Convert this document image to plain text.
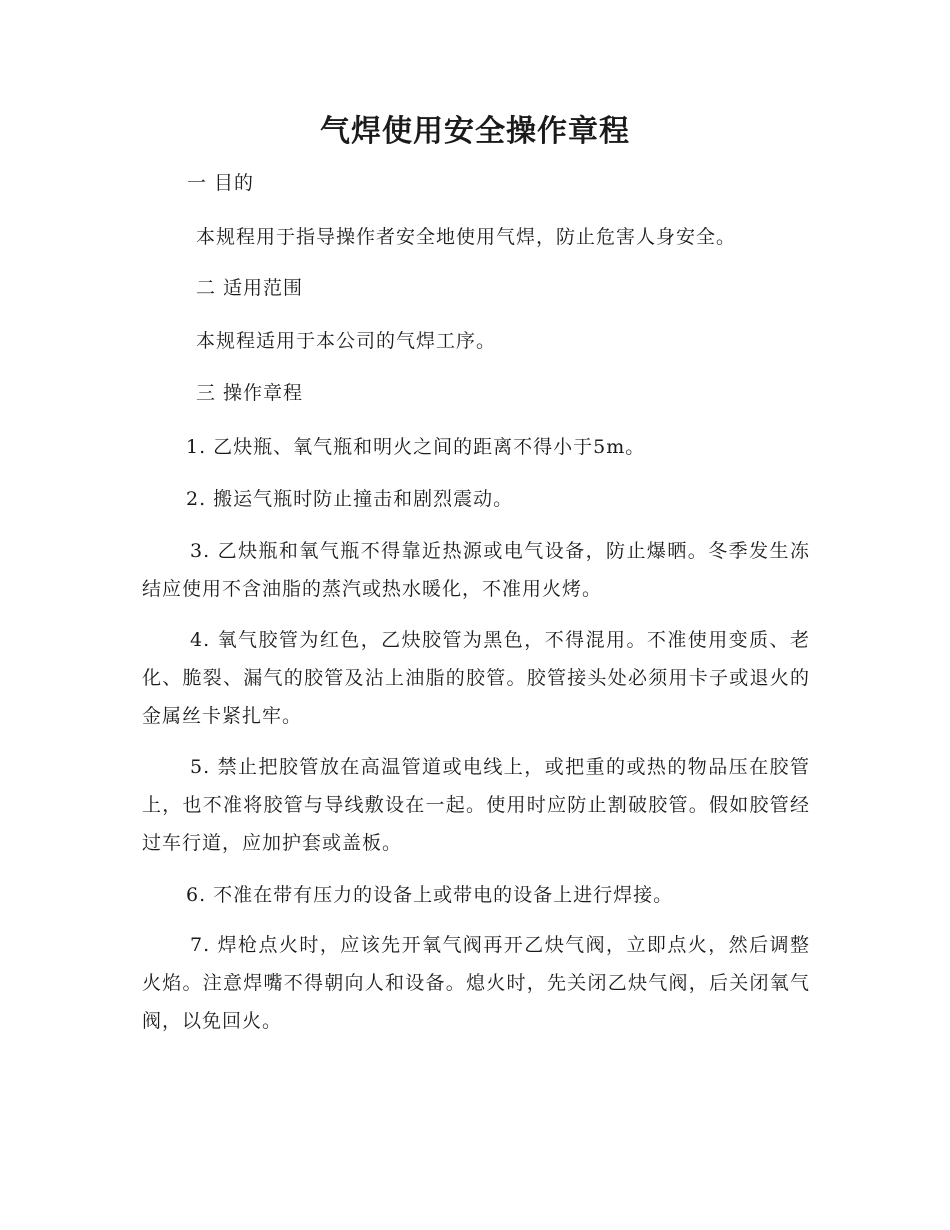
气焊使用安全操作章程
一 目的
本规程用于指导操作者安全地使用气焊，防止危害人身安全。
二 适用范围
本规程适用于本公司的气焊工序。
三 操作章程
1. 乙炔瓶、氧气瓶和明火之间的距离不得小于5m。
2. 搬运气瓶时防止撞击和剧烈震动。
3. 乙炔瓶和氧气瓶不得靠近热源或电气设备，防止爆晒。冬季发生冻结应使用不含油脂的蒸汽或热水暖化，不准用火烤。
4. 氧气胶管为红色，乙炔胶管为黑色，不得混用。不准使用变质、老化、脆裂、漏气的胶管及沾上油脂的胶管。胶管接头处必须用卡子或退火的金属丝卡紧扎牢。
5. 禁止把胶管放在高温管道或电线上，或把重的或热的物品压在胶管上，也不准将胶管与导线敷设在一起。使用时应防止割破胶管。假如胶管经过车行道，应加护套或盖板。
6. 不准在带有压力的设备上或带电的设备上进行焊接。
7. 焊枪点火时，应该先开氧气阀再开乙炔气阀，立即点火，然后调整火焰。注意焊嘴不得朝向人和设备。熄火时，先关闭乙炔气阀，后关闭氧气阀，以免回火。
